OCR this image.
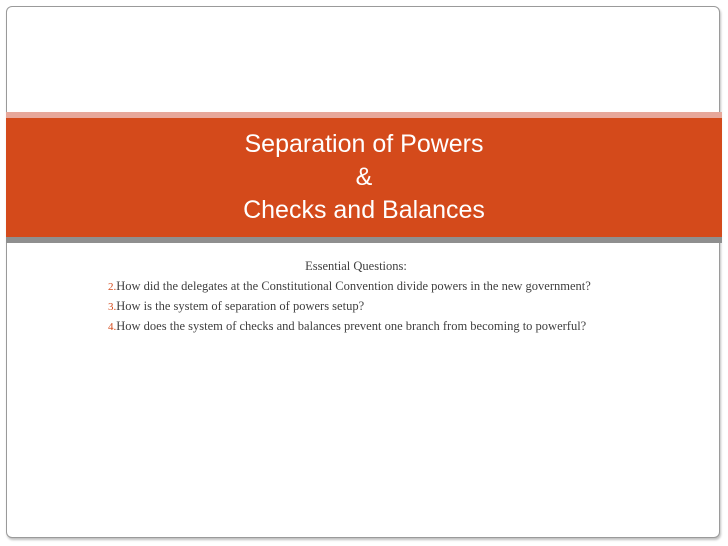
Separation of Powers
&
Checks and Balances

Essential Questions:

2.How did the delegates at the Constitutional Convention divide powers in the new government?

3.How is the system of separation of powers setup?

4.How does the system of checks and balances prevent one branch from becoming to powerful?
